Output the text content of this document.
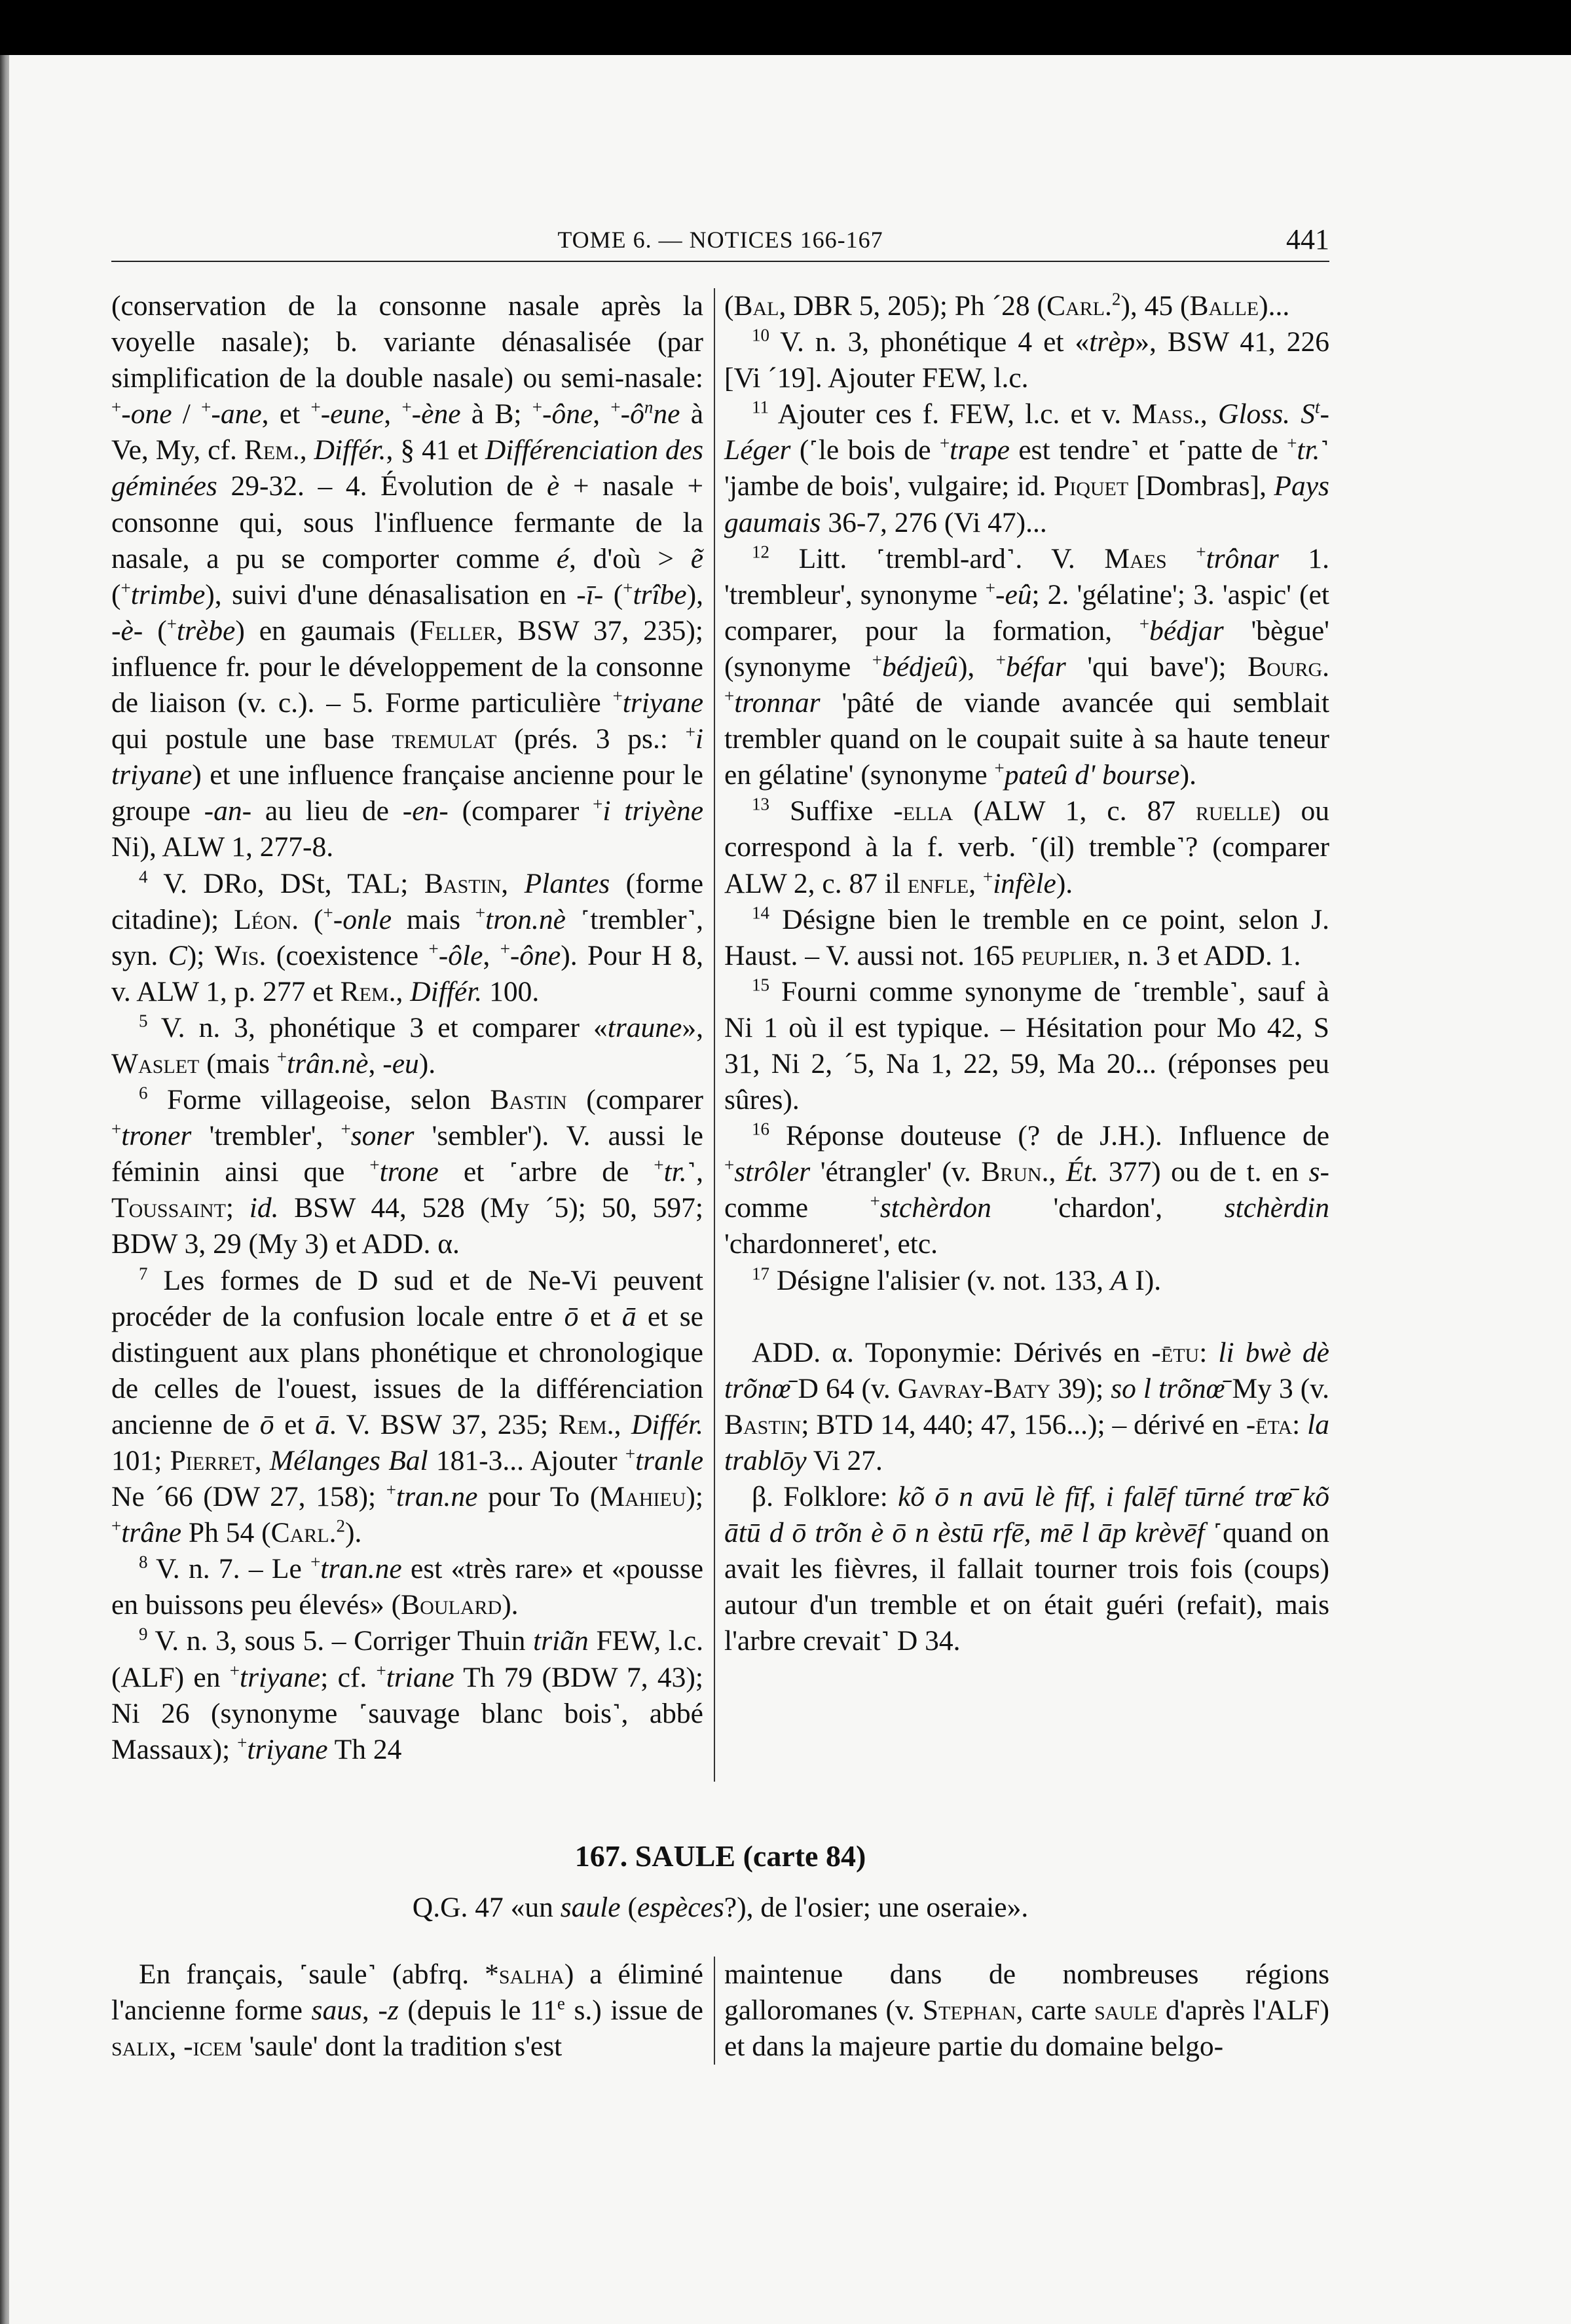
TOME 6. — NOTICES 166-167	441

(conservation de la consonne nasale après la voyelle nasale); b. variante dénasalisée (par simplification de la double nasale) ou semi-nasale: +-one / +-ane, et +-eune, +-ène à B; +-ône, $^+-ô^nne$ à Ve, My, cf. Rem., Différ., § 41 et Différenciation des géminées 29-32. – 4. Évolution de è + nasale + consonne qui, sous l'influence fermante de la nasale, a pu se comporter comme é, d'où > ẽ (+trimbe), suivi d'une dénasalisation en -ī- (+trîbe), -è- (+trèbe) en gaumais (Feller, BSW 37, 235); influence fr. pour le développement de la consonne de liaison (v. c.). – 5. Forme particulière +triyane qui postule une base tremulat (prés. 3 ps.: +i triyane) et une influence française ancienne pour le groupe -an- au lieu de -en- (comparer +i triyène Ni), ALW 1, 277-8.

$^4$ V. DRo, DSt, TAL; Bastin, Plantes (forme citadine); Léon. (+-onle mais +tron.nè ˹trembler˺, syn. C); Wis. (coexistence +-ôle, +-ône). Pour H 8, v. ALW 1, p. 277 et Rem., Différ. 100.

$^5$ V. n. 3, phonétique 3 et comparer «traune», Waslet (mais +trân.nè, -eu).

$^6$ Forme villageoise, selon Bastin (comparer +troner 'trembler', +soner 'sembler'). V. aussi le féminin ainsi que +trone et ˹arbre de +tr.˺, Toussaint; id. BSW 44, 528 (My ´5); 50, 597; BDW 3, 29 (My 3) et ADD. α.

$^7$ Les formes de D sud et de Ne-Vi peuvent procéder de la confusion locale entre ō et ā et se distinguent aux plans phonétique et chronologique de celles de l'ouest, issues de la différenciation ancienne de ō et ā. V. BSW 37, 235; Rem., Différ. 101; Pierret, Mélanges Bal 181-3... Ajouter +tranle Ne ´66 (DW 27, 158); +tran.ne pour To (Mahieu); +trâne Ph 54 (Carl.$^2$).

$^8$ V. n. 7. – Le +tran.ne est «très rare» et «pousse en buissons peu élevés» (Boulard).

$^9$ V. n. 3, sous 5. – Corriger Thuin triãn FEW, l.c. (ALF) en +triyane; cf. +triane Th 79 (BDW 7, 43); Ni 26 (synonyme ˹sauvage blanc bois˺, abbé Massaux); +triyane Th 24

(Bal, DBR 5, 205); Ph ´28 (Carl.$^2$), 45 (Balle)...

$^{10}$ V. n. 3, phonétique 4 et «trèp», BSW 41, 226 [Vi ´19]. Ajouter FEW, l.c.

$^{11}$ Ajouter ces f. FEW, l.c. et v. Mass., Gloss. $S^t$-Léger (˹le bois de +trape est tendre˺ et ˹patte de +tr.˺ 'jambe de bois', vulgaire; id. Piquet [Dombras], Pays gaumais 36-7, 276 (Vi 47)...

$^{12}$ Litt. ˹trembl-ard˺. V. Maes +trônar 1. 'trembleur', synonyme +-eû; 2. 'gélatine'; 3. 'aspic' (et comparer, pour la formation, +bédjar 'bègue' (synonyme +bédjeû), +béfar 'qui bave'); Bourg. +tronnar 'pâté de viande avancée qui semblait trembler quand on le coupait suite à sa haute teneur en gélatine' (synonyme +pateû d' bourse).

$^{13}$ Suffixe -ella (ALW 1, c. 87 ruelle) ou correspond à la f. verb. ˹(il) tremble˺? (comparer ALW 2, c. 87 il enfle, +infèle).

$^{14}$ Désigne bien le tremble en ce point, selon J. Haust. – V. aussi not. 165 peuplier, n. 3 et ADD. 1.

$^{15}$ Fourni comme synonyme de ˹tremble˺, sauf à Ni 1 où il est typique. – Hésitation pour Mo 42, S 31, Ni 2, ´5, Na 1, 22, 59, Ma 20... (réponses peu sûres).

$^{16}$ Réponse douteuse (? de J.H.). Influence de +strôler 'étrangler' (v. Brun., Ét. 377) ou de t. en s- comme +stchèrdon 'chardon', stchèrdin 'chardonneret', etc.

$^{17}$ Désigne l'alisier (v. not. 133, A I).

ADD. α. Toponymie: Dérivés en -ētu: li bwè dè trõnœ̄ D 64 (v. Gavray-Baty 39); so l trõnœ̄ My 3 (v. Bastin; BTD 14, 440; 47, 156...); – dérivé en -ēta: la trablōy Vi 27.

β. Folklore: kõ ō n avū lè fīf, i falēf tūrné trœ̄ kõ ātū d ō trõn è ō n èstū rfē, mē l āp krèvēf ˹quand on avait les fièvres, il fallait tourner trois fois (coups) autour d'un tremble et on était guéri (refait), mais l'arbre crevait˺ D 34.

167. SAULE (carte 84)
Q.G. 47 «un saule (espèces?), de l'osier; une oseraie».

En français, ˹saule˺ (abfrq. *salha) a éliminé l'ancienne forme saus, -z (depuis le 11e s.) issue de salix, -icem 'saule' dont la tradition s'est

maintenue dans de nombreuses régions galloromanes (v. Stephan, carte saule d'après l'ALF) et dans la majeure partie du domaine belgo-
